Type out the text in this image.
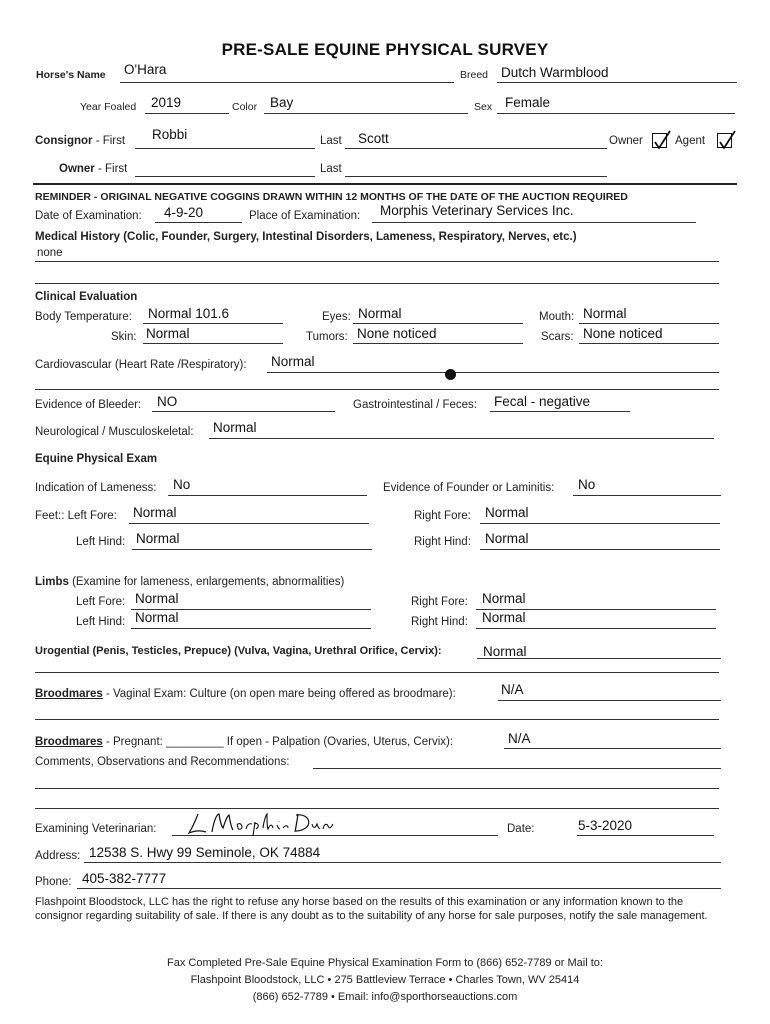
PRE-SALE EQUINE PHYSICAL SURVEY
Horse's Name O'Hara	Breed Dutch Warmblood
Year Foaled 2019	Color Bay	Sex Female
Consignor - First Robbi	Last Scott	Owner	Agent
Owner - First	Last
REMINDER - ORIGINAL NEGATIVE COGGINS DRAWN WITHIN 12 MONTHS OF THE DATE OF THE AUCTION REQUIRED
Date of Examination: 4-9-20	Place of Examination: Morphis Veterinary Services Inc.
Medical History (Colic, Founder, Surgery, Intestinal Disorders, Lameness, Respiratory, Nerves, etc.)
none
Clinical Evaluation
Body Temperature: Normal 101.6	Eyes: Normal	Mouth: Normal
Skin: Normal	Tumors: None noticed	Scars: None noticed
Cardiovascular (Heart Rate /Respiratory): Normal
Evidence of Bleeder: NO	Gastrointestinal / Feces: Fecal - negative
Neurological / Musculoskeletal: Normal
Equine Physical Exam
Indication of Lameness: No	Evidence of Founder or Laminitis: No
Feet:: Left Fore: Normal	Right Fore: Normal
Left Hind: Normal	Right Hind: Normal
Limbs (Examine for lameness, enlargements, abnormalities)
Left Fore: Normal	Right Fore: Normal
Left Hind: Normal	Right Hind: Normal
Urogential (Penis, Testicles, Prepuce) (Vulva, Vagina, Urethral Orifice, Cervix):	Normal
Broodmares - Vaginal Exam: Culture (on open mare being offered as broodmare):	N/A
Broodmares - Pregnant: _________ If open - Palpation (Ovaries, Uterus, Cervix):	N/A
Comments, Observations and Recommendations:
Examining Veterinarian:	Date:	5-3-2020
Address: 12538 S. Hwy 99 Seminole, OK 74884
Phone: 405-382-7777
Flashpoint Bloodstock, LLC has the right to refuse any horse based on the results of this examination or any information known to the consignor regarding suitability of sale. If there is any doubt as to the suitability of any horse for sale purposes, notify the sale management.
Fax Completed Pre-Sale Equine Physical Examination Form to (866) 652-7789 or Mail to:
Flashpoint Bloodstock, LLC • 275 Battleview Terrace • Charles Town, WV 25414
(866) 652-7789 • Email: info@sporthorseauctions.com
